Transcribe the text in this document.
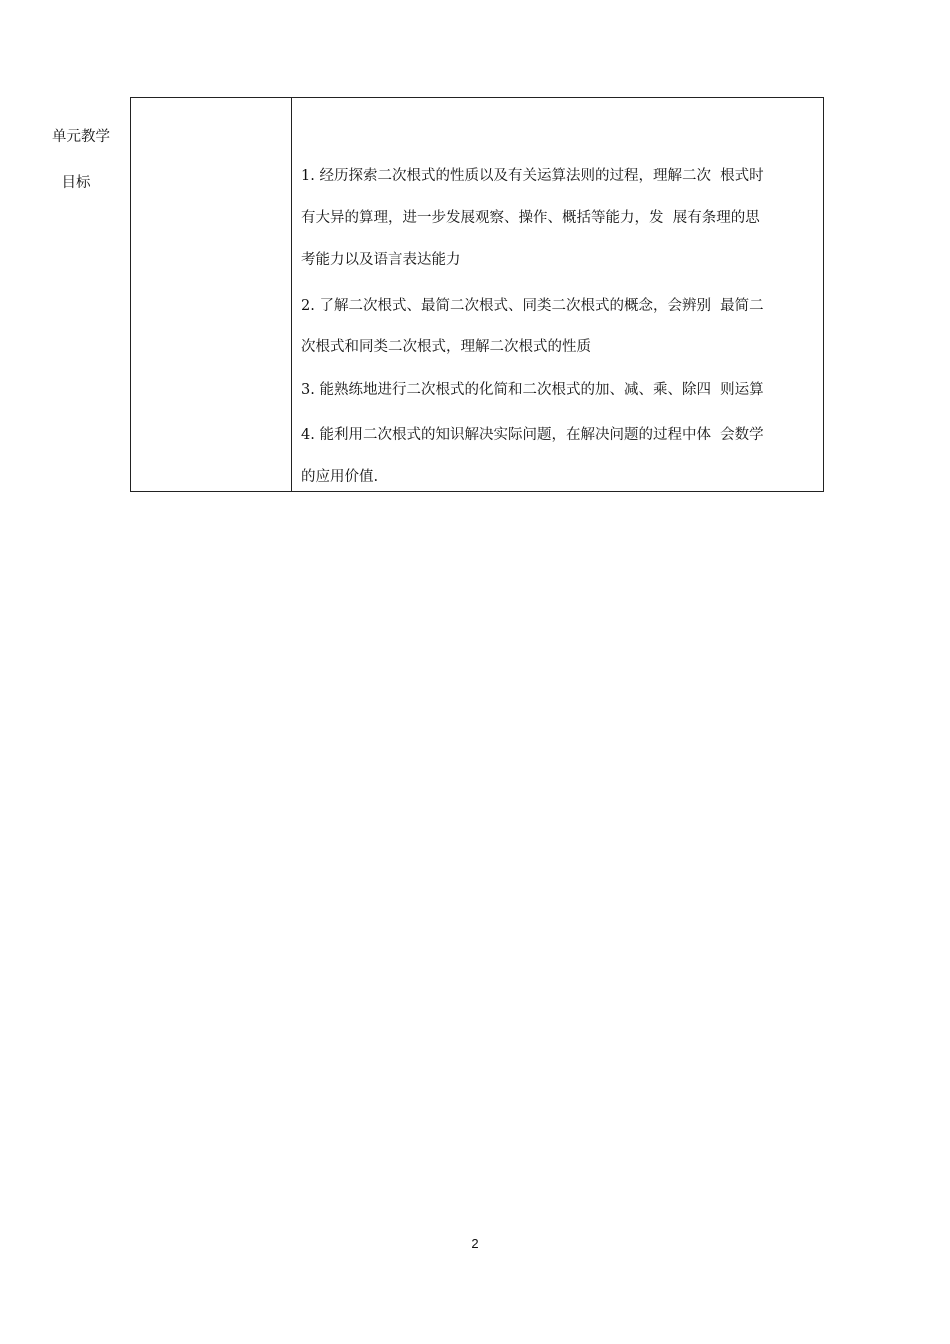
单元教学
目标	1. 经历探索二次根式的性质以及有关运算法则的过程，理解二次  根式时
有大异的算理，进一步发展观察、操作、概括等能力，发  展有条理的思
考能力以及语言表达能力
2. 了解二次根式、最简二次根式、同类二次根式的概念，会辨别  最简二
次根式和同类二次根式，理解二次根式的性质
3. 能熟练地进行二次根式的化简和二次根式的加、减、乘、除四  则运算
4. 能利用二次根式的知识解决实际问题，在解决问题的过程中体  会数学
的应用价值.
2
